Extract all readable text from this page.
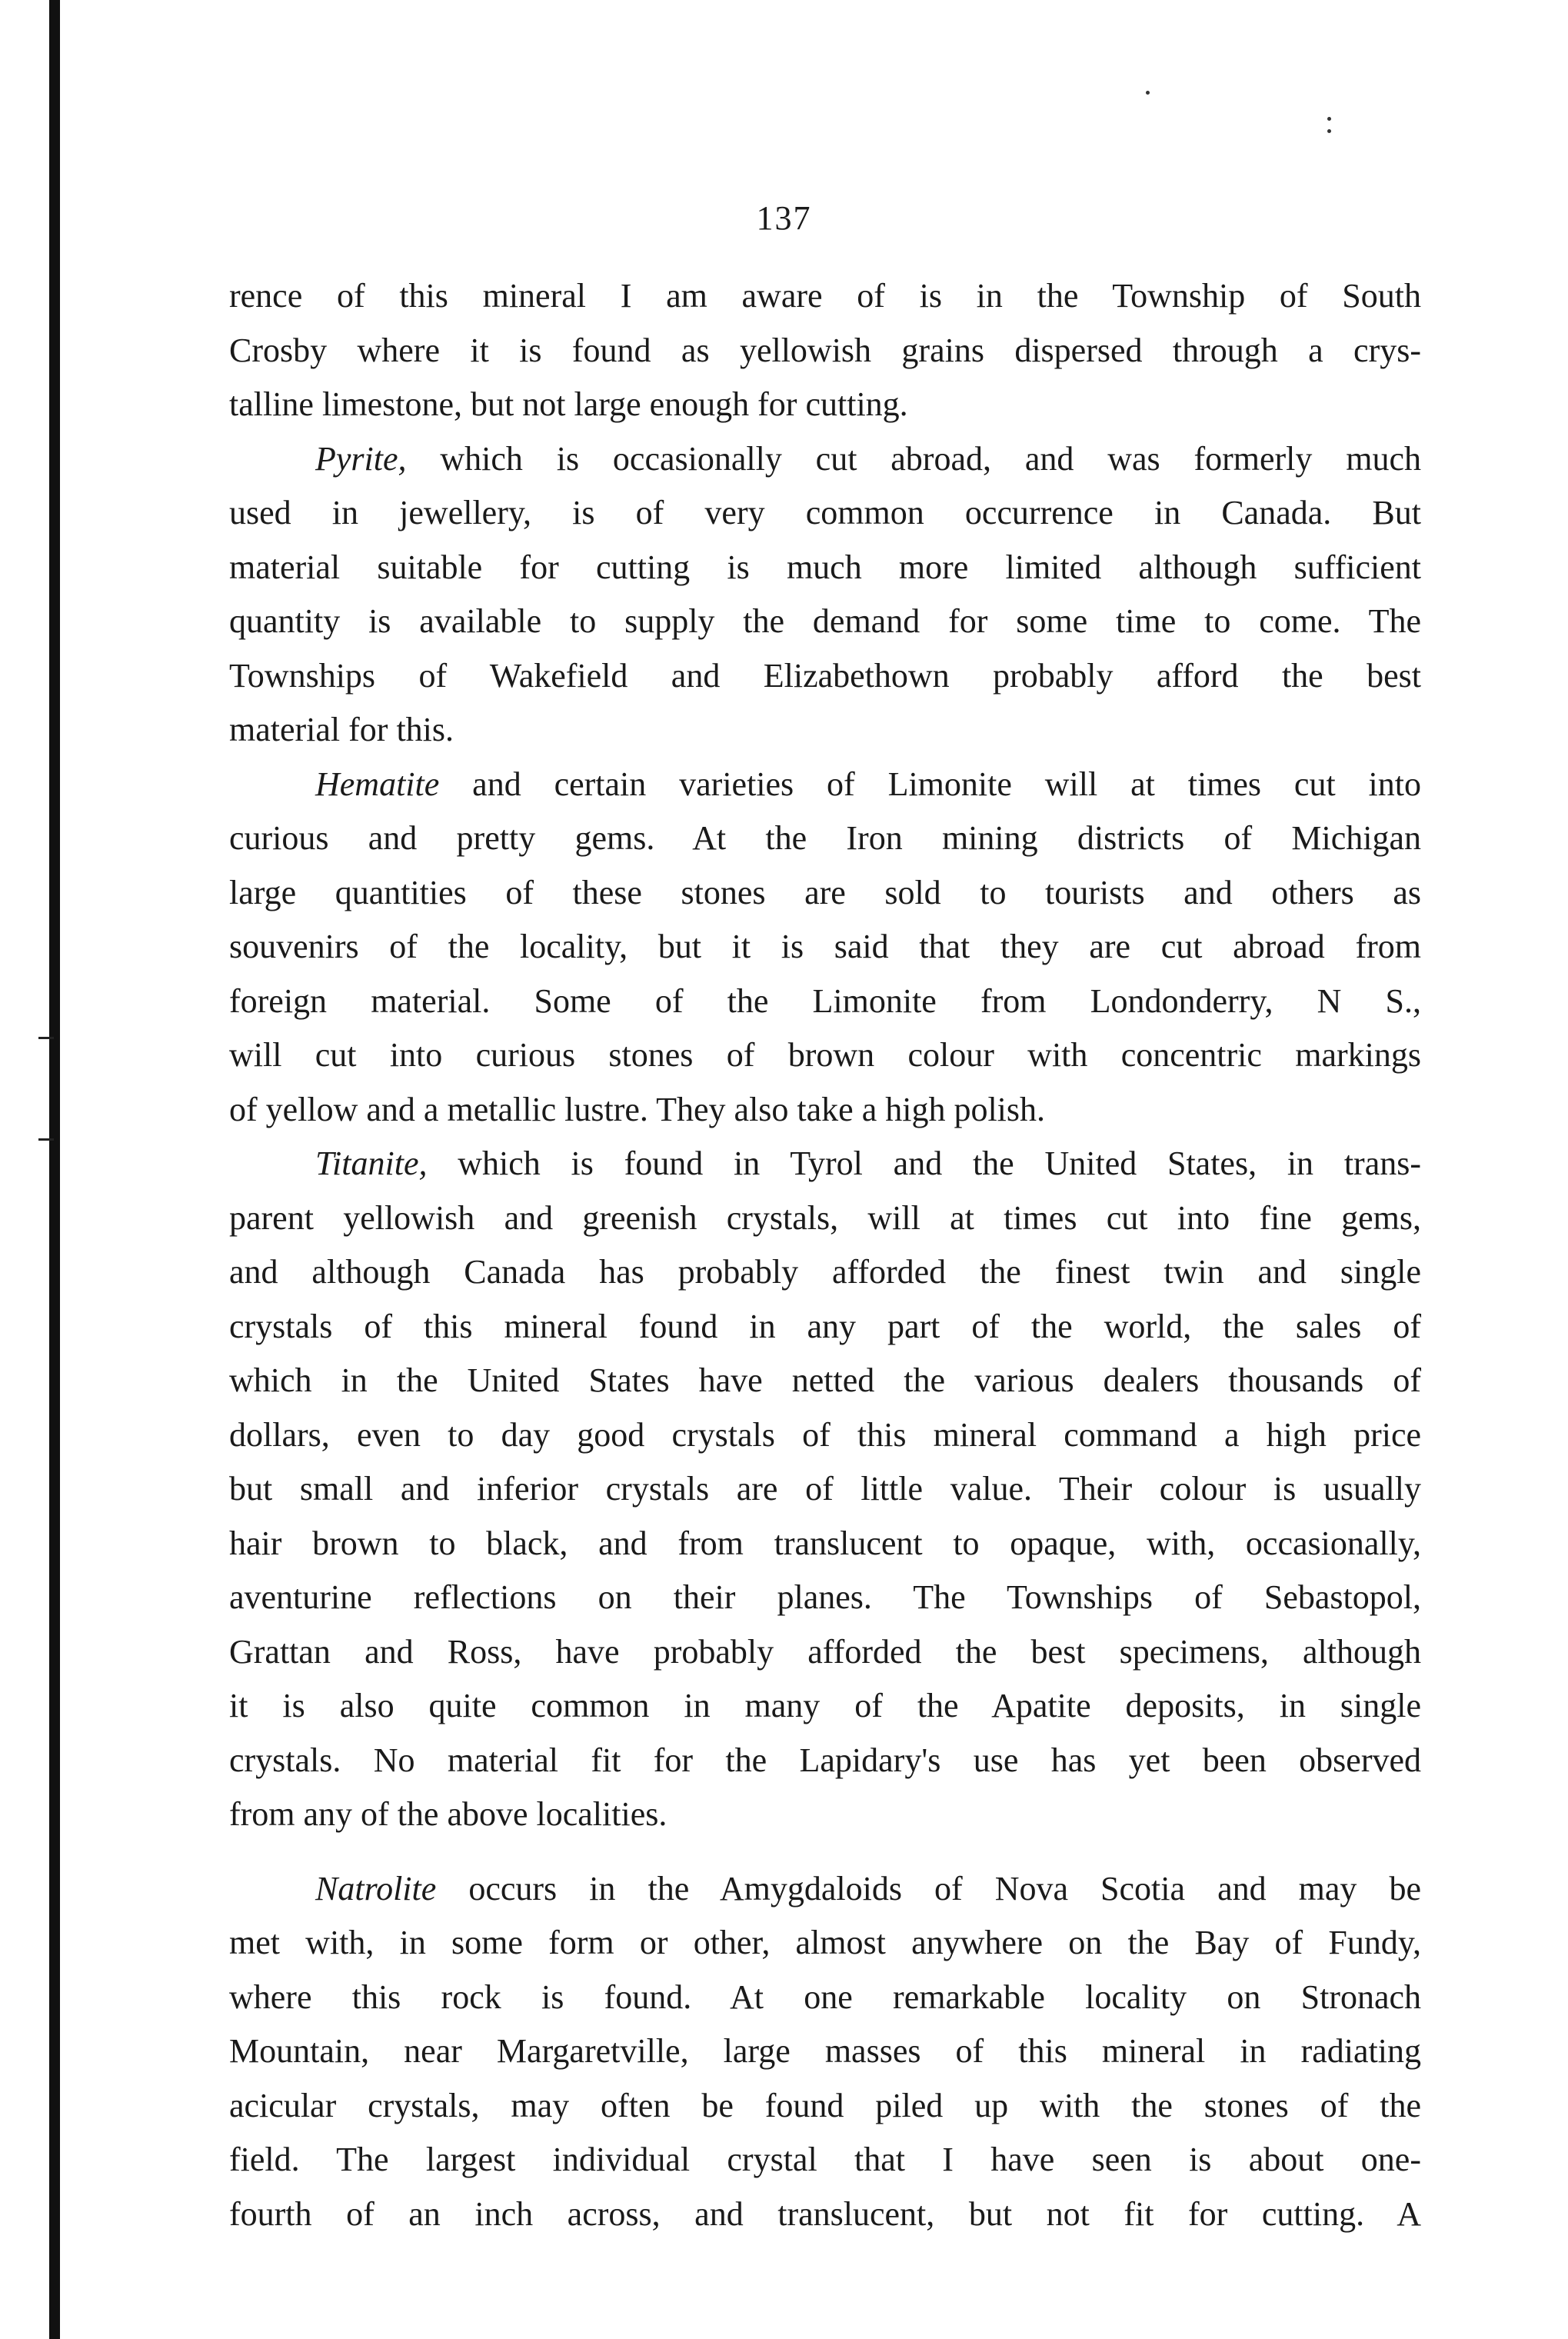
137

rence of this mineral I am aware of is in the Township of South

Crosby where it is found as yellowish grains dispersed through a crys-

talline limestone, but not large enough for cutting.

Pyrite, which is occasionally cut abroad, and was formerly much

used in jewellery, is of very common occurrence in Canada. But

material suitable for cutting is much more limited although sufficient

quantity is available to supply the demand for some time to come. The

Townships of Wakefield and Elizabethown probably afford the best

material for this.

Hematite and certain varieties of Limonite will at times cut into

curious and pretty gems. At the Iron mining districts of Michigan

large quantities of these stones are sold to tourists and others as

souvenirs of the locality, but it is said that they are cut abroad from

foreign material. Some of the Limonite from Londonderry, N S.,

will cut into curious stones of brown colour with concentric markings

of yellow and a metallic lustre. They also take a high polish.

Titanite, which is found in Tyrol and the United States, in trans-

parent yellowish and greenish crystals, will at times cut into fine gems,

and although Canada has probably afforded the finest twin and single

crystals of this mineral found in any part of the world, the sales of

which in the United States have netted the various dealers thousands of

dollars, even to day good crystals of this mineral command a high price

but small and inferior crystals are of little value. Their colour is usually

hair brown to black, and from translucent to opaque, with, occasionally,

aventurine reflections on their planes. The Townships of Sebastopol,

Grattan and Ross, have probably afforded the best specimens, although

it is also quite common in many of the Apatite deposits, in single

crystals. No material fit for the Lapidary's use has yet been observed

from any of the above localities.

Natrolite occurs in the Amygdaloids of Nova Scotia and may be

met with, in some form or other, almost anywhere on the Bay of Fundy,

where this rock is found. At one remarkable locality on Stronach

Mountain, near Margaretville, large masses of this mineral in radiating

acicular crystals, may often be found piled up with the stones of the

field. The largest individual crystal that I have seen is about one-

fourth of an inch across, and translucent, but not fit for cutting. A
